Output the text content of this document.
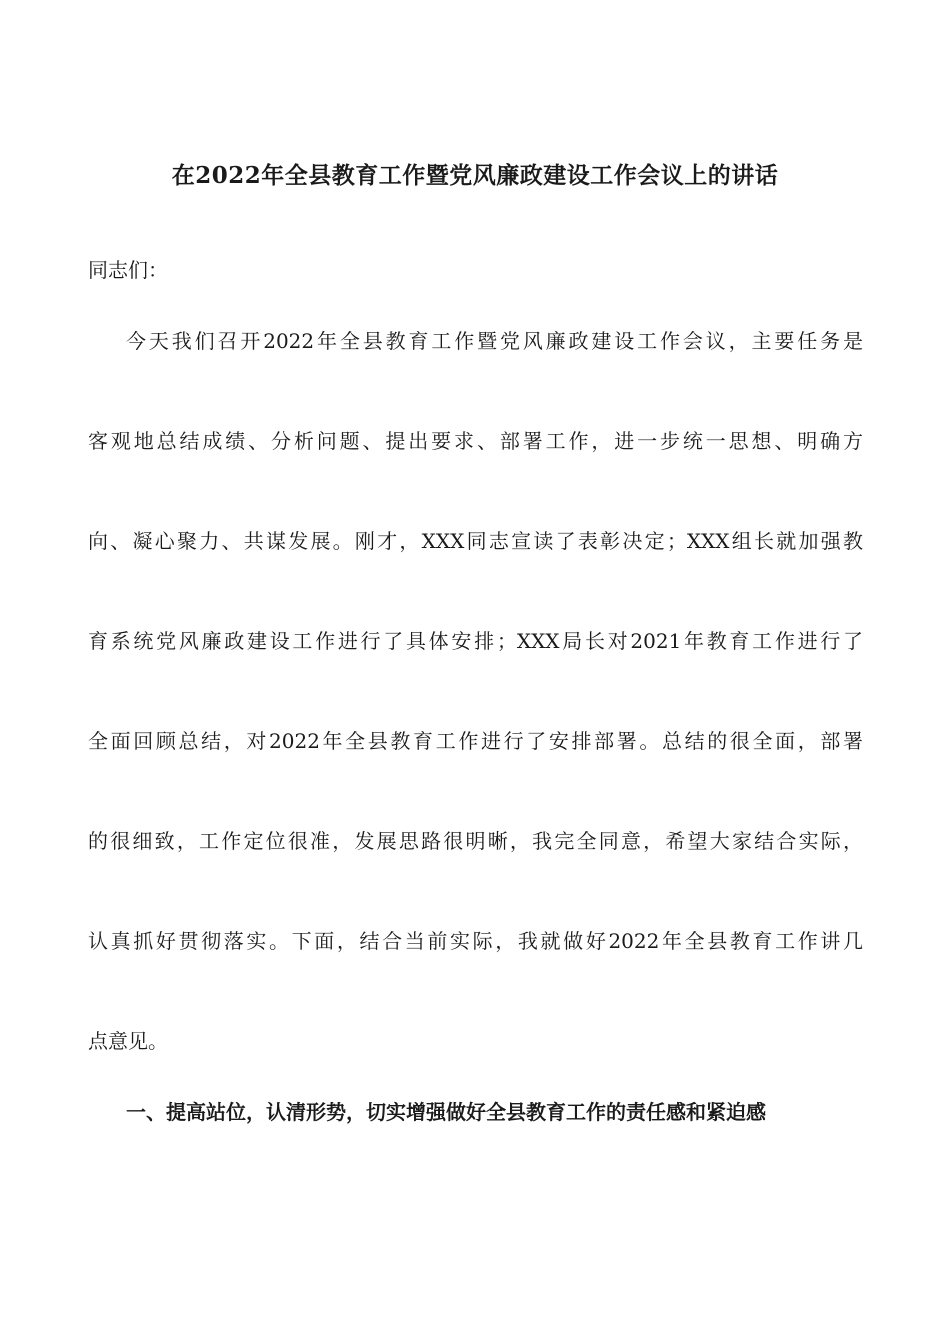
在2022年全县教育工作暨党风廉政建设工作会议上的讲话
同志们：
今天我们召开2022年全县教育工作暨党风廉政建设工作会议，主要任务是
客观地总结成绩、分析问题、提出要求、部署工作，进一步统一思想、明确方
向、凝心聚力、共谋发展。刚才，XXX同志宣读了表彰决定；XXX组长就加强教
育系统党风廉政建设工作进行了具体安排；XXX局长对2021年教育工作进行了
全面回顾总结，对2022年全县教育工作进行了安排部署。总结的很全面，部署
的很细致，工作定位很准，发展思路很明晰，我完全同意，希望大家结合实际，
认真抓好贯彻落实。下面，结合当前实际，我就做好2022年全县教育工作讲几
点意见。
一、提高站位，认清形势，切实增强做好全县教育工作的责任感和紧迫感
